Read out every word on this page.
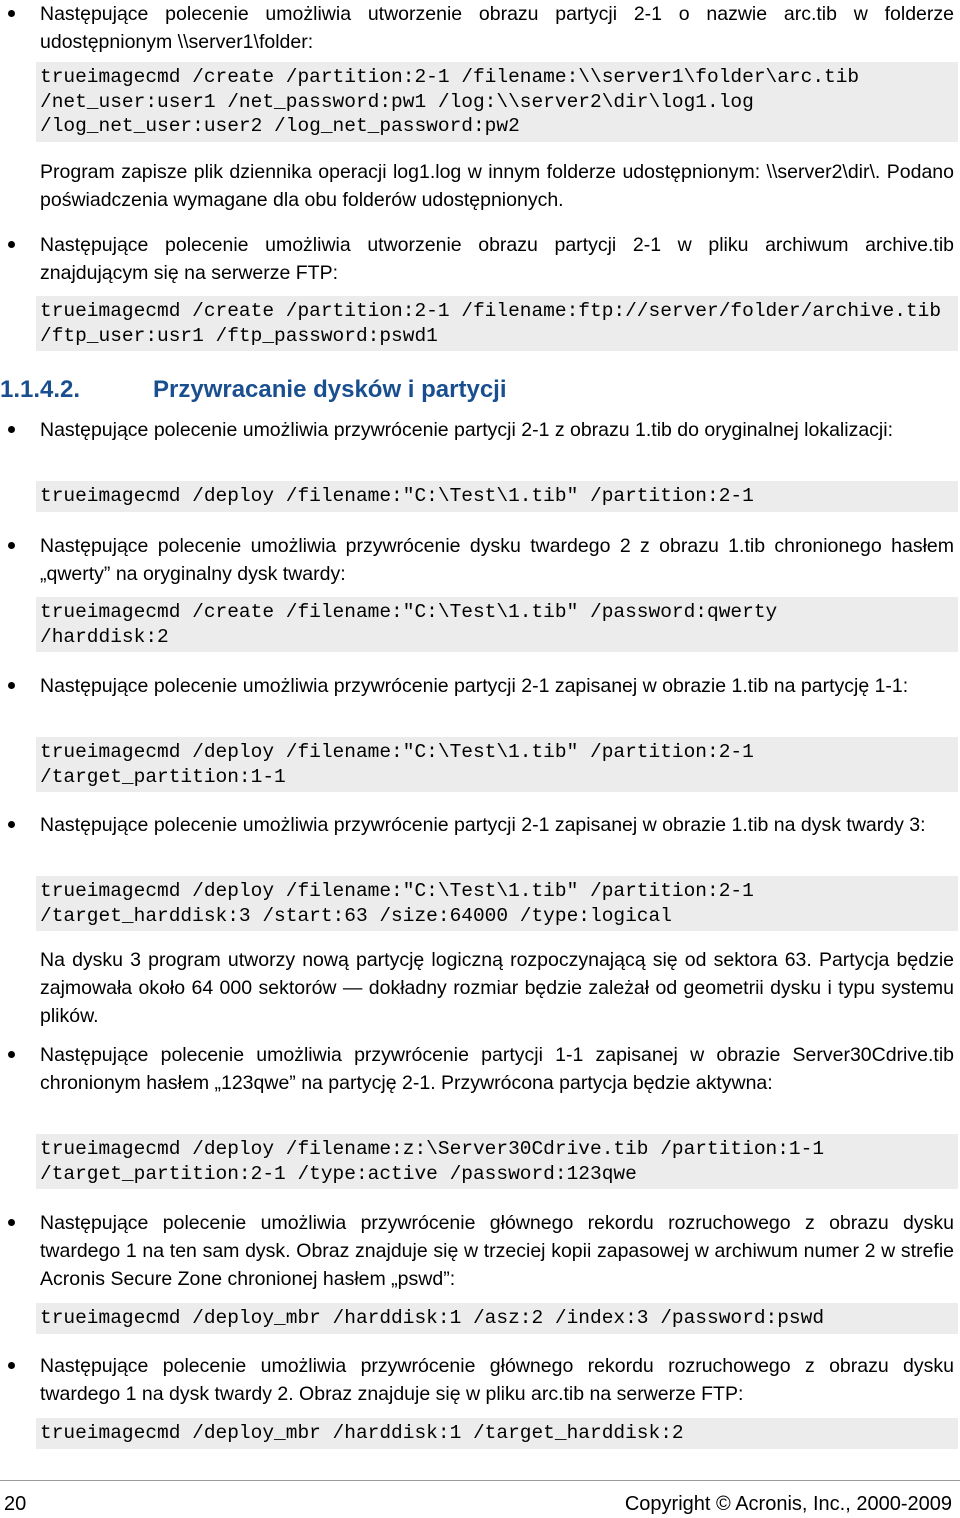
Następujące polecenie umożliwia utworzenie obrazu partycji 2-1 o nazwie arc.tib w folderze udostępnionym \\server1\folder:

trueimagecmd /create /partition:2-1 /filename:\\server1\folder\arc.tib
/net_user:user1 /net_password:pw1 /log:\\server2\dir\log1.log
/log_net_user:user2 /log_net_password:pw2

Program zapisze plik dziennika operacji log1.log w innym folderze udostępnionym: \\server2\dir\. Podano poświadczenia wymagane dla obu folderów udostępnionych.

Następujące polecenie umożliwia utworzenie obrazu partycji 2-1 w pliku archiwum archive.tib znajdującym się na serwerze FTP:

trueimagecmd /create /partition:2-1 /filename:ftp://server/folder/archive.tib
/ftp_user:usr1 /ftp_password:pswd1
1.1.4.2.	Przywracanie dysków i partycji

Następujące polecenie umożliwia przywrócenie partycji 2-1 z obrazu 1.tib do oryginalnej lokalizacji:

trueimagecmd /deploy /filename:"C:\Test\1.tib" /partition:2-1

Następujące polecenie umożliwia przywrócenie dysku twardego 2 z obrazu 1.tib chronionego hasłem „qwerty” na oryginalny dysk twardy:

trueimagecmd /create /filename:"C:\Test\1.tib" /password:qwerty
/harddisk:2

Następujące polecenie umożliwia przywrócenie partycji 2-1 zapisanej w obrazie 1.tib na partycję 1-1:

trueimagecmd /deploy /filename:"C:\Test\1.tib" /partition:2-1
/target_partition:1-1

Następujące polecenie umożliwia przywrócenie partycji 2-1 zapisanej w obrazie 1.tib na dysk twardy 3:

trueimagecmd /deploy /filename:"C:\Test\1.tib" /partition:2-1
/target_harddisk:3 /start:63 /size:64000 /type:logical

Na dysku 3 program utworzy nową partycję logiczną rozpoczynającą się od sektora 63. Partycja będzie zajmowała około 64 000 sektorów — dokładny rozmiar będzie zależał od geometrii dysku i typu systemu plików.

Następujące polecenie umożliwia przywrócenie partycji 1-1 zapisanej w obrazie Server30Cdrive.tib chronionym hasłem „123qwe” na partycję 2-1. Przywrócona partycja będzie aktywna:

trueimagecmd /deploy /filename:z:\Server30Cdrive.tib /partition:1-1
/target_partition:2-1 /type:active /password:123qwe

Następujące polecenie umożliwia przywrócenie głównego rekordu rozruchowego z obrazu dysku twardego 1 na ten sam dysk. Obraz znajduje się w trzeciej kopii zapasowej w archiwum numer 2 w strefie Acronis Secure Zone chronionej hasłem „pswd”:

trueimagecmd /deploy_mbr /harddisk:1 /asz:2 /index:3 /password:pswd

Następujące polecenie umożliwia przywrócenie głównego rekordu rozruchowego z obrazu dysku twardego 1 na dysk twardy 2. Obraz znajduje się w pliku arc.tib na serwerze FTP:

trueimagecmd /deploy_mbr /harddisk:1 /target_harddisk:2
20	Copyright © Acronis, Inc., 2000-2009
